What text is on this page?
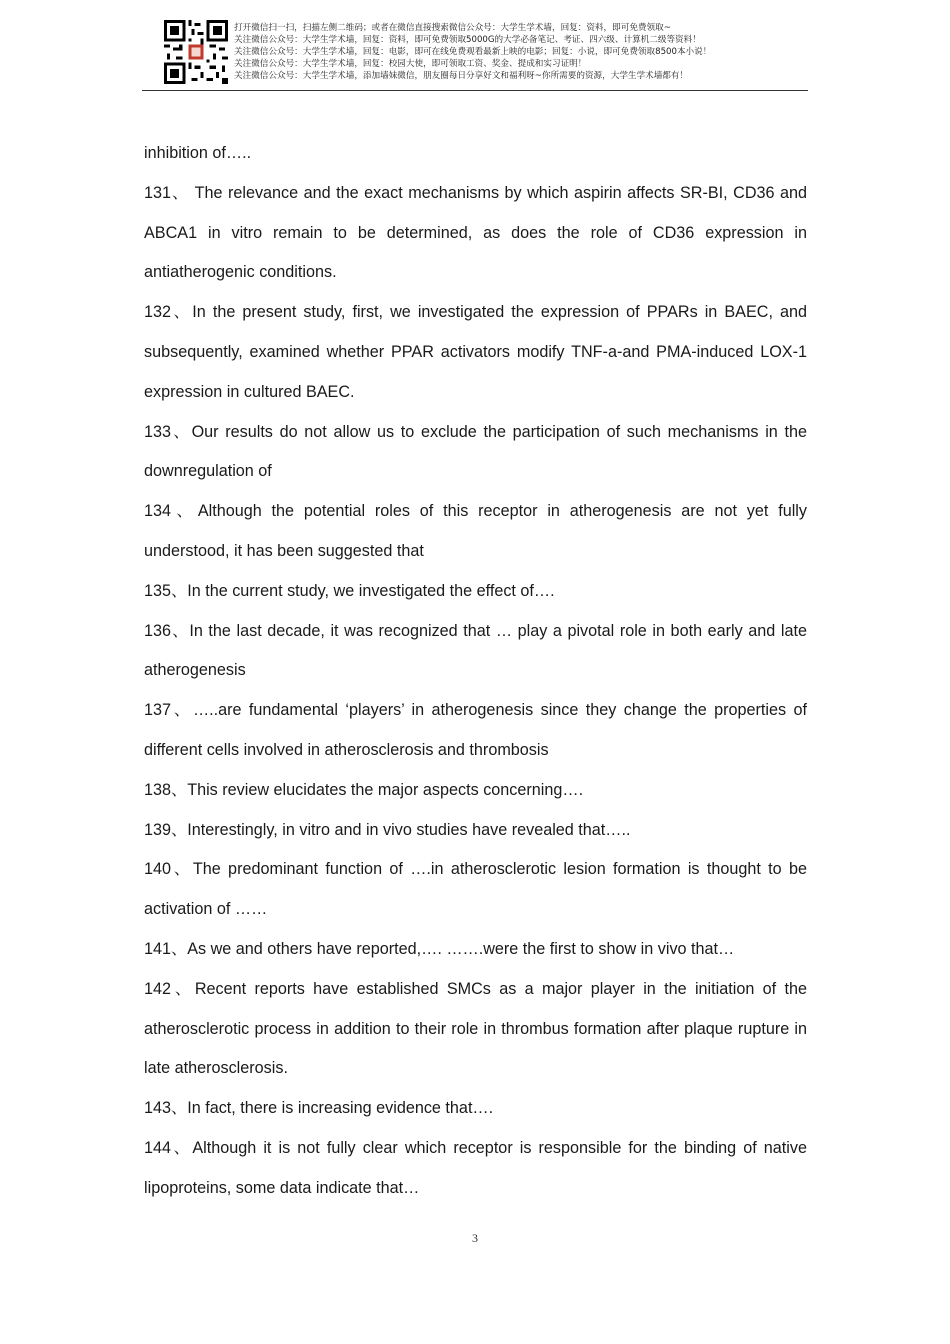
打开微信扫一扫，扫描左侧二维码；或者在微信直接搜索微信公众号：大学生学术墙，回复：资料，即可免费领取~
关注微信公众号：大学生学术墙，回复：资料，即可免费领取5000G的大学必备笔记、考证、四六级、计算机二级等资料！
关注微信公众号：大学生学术墙，回复：电影，即可在线免费观看最新上映的电影；回复：小说，即可免费领取8500本小说！
关注微信公众号：大学生学术墙，回复：校园大使，即可领取工资、奖金、提成和实习证明！
关注微信公众号：大学生学术墙，添加墙妹微信，朋友圈每日分享好文和福利呀~你所需要的资源，大学生学术墙都有！

inhibition of…..

131、 The relevance and the exact mechanisms by which aspirin affects SR-BI, CD36 and ABCA1 in vitro remain to be determined, as does the role of CD36 expression in antiatherogenic conditions.

132、In the present study, first, we investigated the expression of PPARs in BAEC, and subsequently, examined whether PPAR activators modify TNF-a-and PMA-induced LOX-1 expression in cultured BAEC.

133、Our results do not allow us to exclude the participation of such mechanisms in the downregulation of

134、Although the potential roles of this receptor in atherogenesis are not yet fully understood, it has been suggested that

135、In the current study, we investigated the effect of….

136、In the last decade, it was recognized that … play a pivotal role in both early and late atherogenesis

137、…..are fundamental ‘players’ in atherogenesis since they change the properties of different cells involved in atherosclerosis and thrombosis

138、This review elucidates the major aspects concerning….

139、Interestingly, in vitro and in vivo studies have revealed that…..

140、The predominant function of ….in atherosclerotic lesion formation is thought to be activation of ……

141、As we and others have reported,…. …….were the first to show in vivo that…

142、Recent reports have established SMCs as a major player in the initiation of the atherosclerotic process in addition to their role in thrombus formation after plaque rupture in late atherosclerosis.

143、In fact, there is increasing evidence that….

144、Although it is not fully clear which receptor is responsible for the binding of native lipoproteins, some data indicate that…

3
